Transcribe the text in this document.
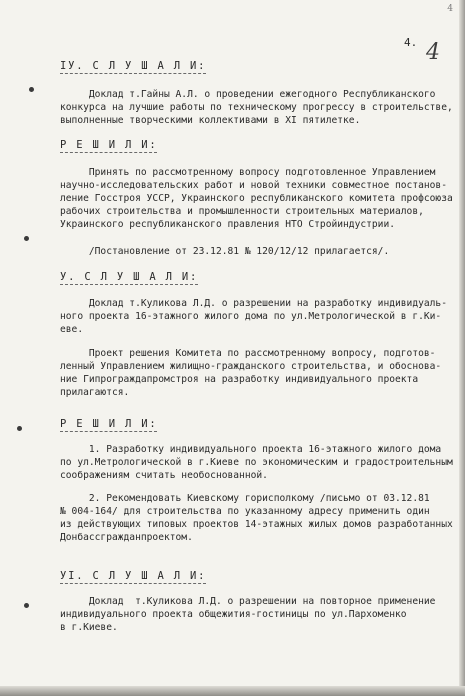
4
4. 4
IУ. С Л У Ш А Л И:
Доклад т.Гайны А.Л. о проведении ежегодного Республиканского
конкурса на лучшие работы по техническому прогрессу в строительстве,
выполненные творческими коллективами в XI пятилетке.
Р Е Ш И Л И:
Принять по рассмотренному вопросу подготовленное Управлением
научно-исследовательских работ и новой техники совместное постанов-
ление Госстроя УССР, Украинского республиканского комитета профсоюза
рабочих строительства и промышленности строительных материалов,
Украинского республиканского правления НТО Стройиндустрии.
/Постановление от 23.12.81 № 120/12/12 прилагается/.
У. С Л У Ш А Л И:
Доклад т.Куликова Л.Д. о разрешении на разработку индивидуаль-
ного проекта 16-этажного жилого дома по ул.Метрологической в г.Ки-
еве.
Проект решения Комитета по рассмотренному вопросу, подготов-
ленный Управлением жилищно-гражданского строительства, и обоснова-
ние Гипрограждапромстроя на разработку индивидуального проекта
прилагаются.
Р Е Ш И Л И:
1. Разработку индивидуального проекта 16-этажного жилого дома
по ул.Метрологической в г.Киеве по экономическим и градостроительным
соображениям считать необоснованной.
2. Рекомендовать Киевскому горисполкому /письмо от 03.12.81
№ 004-164/ для строительства по указанному адресу применить один
из действующих типовых проектов 14-этажных жилых домов разработанных
Донбассгражданпроектом.
УI. С Л У Ш А Л И:
Доклад  т.Куликова Л.Д. о разрешении на повторное применение
индивидуального проекта общежития-гостиницы по ул.Пархоменко
в г.Киеве.
